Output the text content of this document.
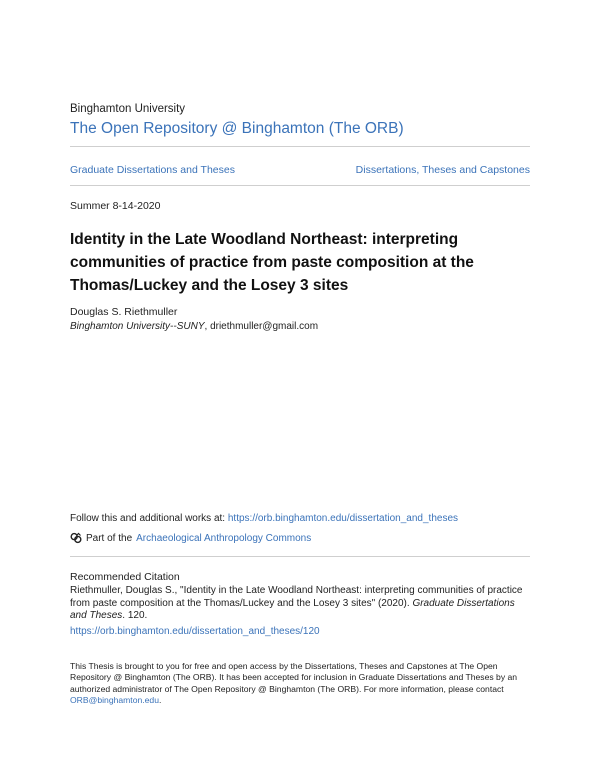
Binghamton University
The Open Repository @ Binghamton (The ORB)
Graduate Dissertations and Theses	Dissertations, Theses and Capstones
Summer 8-14-2020
Identity in the Late Woodland Northeast: interpreting communities of practice from paste composition at the Thomas/Luckey and the Losey 3 sites
Douglas S. Riethmuller
Binghamton University--SUNY, driethmuller@gmail.com
Follow this and additional works at: https://orb.binghamton.edu/dissertation_and_theses
Part of the Archaeological Anthropology Commons
Recommended Citation
Riethmuller, Douglas S., "Identity in the Late Woodland Northeast: interpreting communities of practice from paste composition at the Thomas/Luckey and the Losey 3 sites" (2020). Graduate Dissertations and Theses. 120.
https://orb.binghamton.edu/dissertation_and_theses/120
This Thesis is brought to you for free and open access by the Dissertations, Theses and Capstones at The Open Repository @ Binghamton (The ORB). It has been accepted for inclusion in Graduate Dissertations and Theses by an authorized administrator of The Open Repository @ Binghamton (The ORB). For more information, please contact ORB@binghamton.edu.
